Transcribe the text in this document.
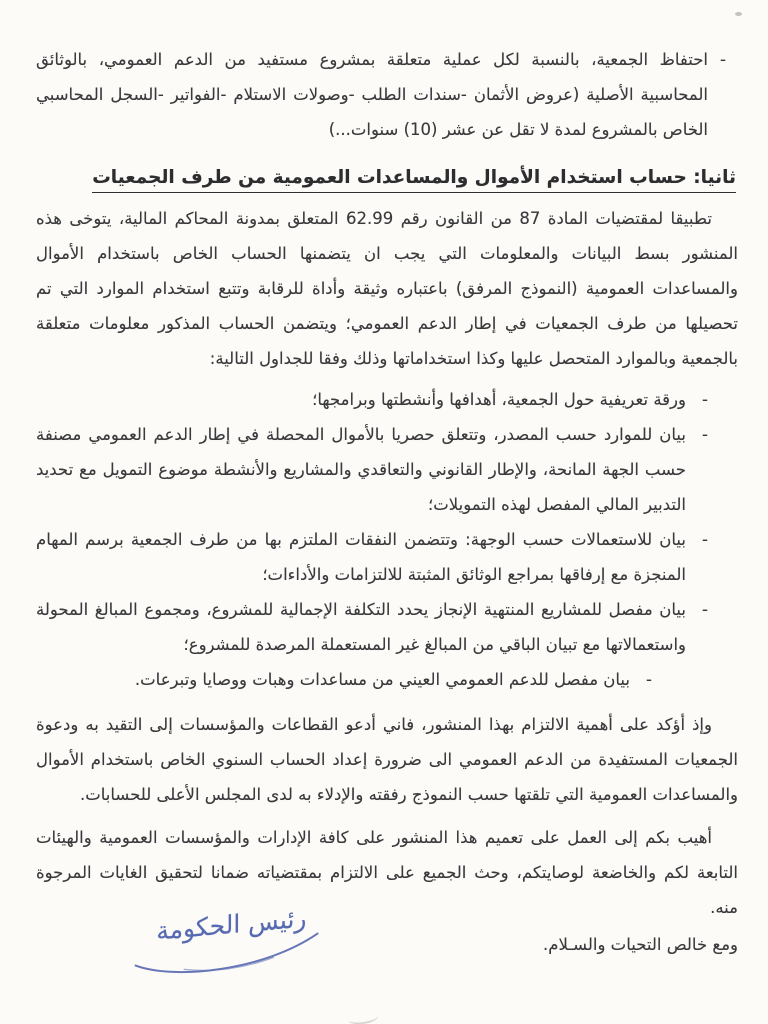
-
احتفاظ الجمعية، بالنسبة لكل عملية متعلقة بمشروع مستفيد من الدعم العمومي، بالوثائق المحاسبية الأصلية (عروض الأثمان -سندات الطلب -وصولات الاستلام -الفواتير -السجل المحاسبي الخاص بالمشروع لمدة لا تقل عن عشر (10) سنوات...)
ثانيا: حساب استخدام الأموال والمساعدات العمومية من طرف الجمعيات

تطبيقا لمقتضيات المادة 87 من القانون رقم 62.99 المتعلق بمدونة المحاكم المالية، يتوخى هذه المنشور بسط البيانات والمعلومات التي يجب ان يتضمنها الحساب الخاص باستخدام الأموال والمساعدات العمومية (النموذج المرفق) باعتباره وثيقة وأداة للرقابة وتتبع استخدام الموارد التي تم تحصيلها من طرف الجمعيات في إطار الدعم العمومي؛ ويتضمن الحساب المذكور معلومات متعلقة بالجمعية وبالموارد المتحصل عليها وكذا استخداماتها وذلك وفقا للجداول التالية:

-
ورقة تعريفية حول الجمعية، أهدافها وأنشطتها وبرامجها؛
-
بيان للموارد حسب المصدر، وتتعلق حصريا بالأموال المحصلة في إطار الدعم العمومي مصنفة حسب الجهة المانحة، والإطار القانوني والتعاقدي والمشاريع والأنشطة موضوع التمويل مع تحديد التدبير المالي المفصل لهذه التمويلات؛
-
بيان للاستعمالات حسب الوجهة: وتتضمن النفقات الملتزم بها من طرف الجمعية برسم المهام المنجزة مع إرفاقها بمراجع الوثائق المثبتة للالتزامات والأداءات؛
-
بيان مفصل للمشاريع المنتهية الإنجاز يحدد التكلفة الإجمالية للمشروع، ومجموع المبالغ المحولة واستعمالاتها مع تبيان الباقي من المبالغ غير المستعملة المرصدة للمشروع؛
-
بيان مفصل للدعم العمومي العيني من مساعدات وهبات ووصايا وتبرعات.

وإذ أؤكد على أهمية الالتزام بهذا المنشور، فاني أدعو القطاعات والمؤسسات إلى التقيد به ودعوة الجمعيات المستفيدة من الدعم العمومي الى ضرورة إعداد الحساب السنوي الخاص باستخدام الأموال والمساعدات العمومية التي تلقتها حسب النموذج رفقته والإدلاء به لدى المجلس الأعلى للحسابات.

أهيب بكم إلى العمل على تعميم هذا المنشور على كافة الإدارات والمؤسسات العمومية والهيئات التابعة لكم والخاضعة لوصايتكم، وحث الجميع على الالتزام بمقتضياته ضمانا لتحقيق الغايات المرجوة منه.

ومع خالص التحيات والسـلام.
رئيس الحكومة
